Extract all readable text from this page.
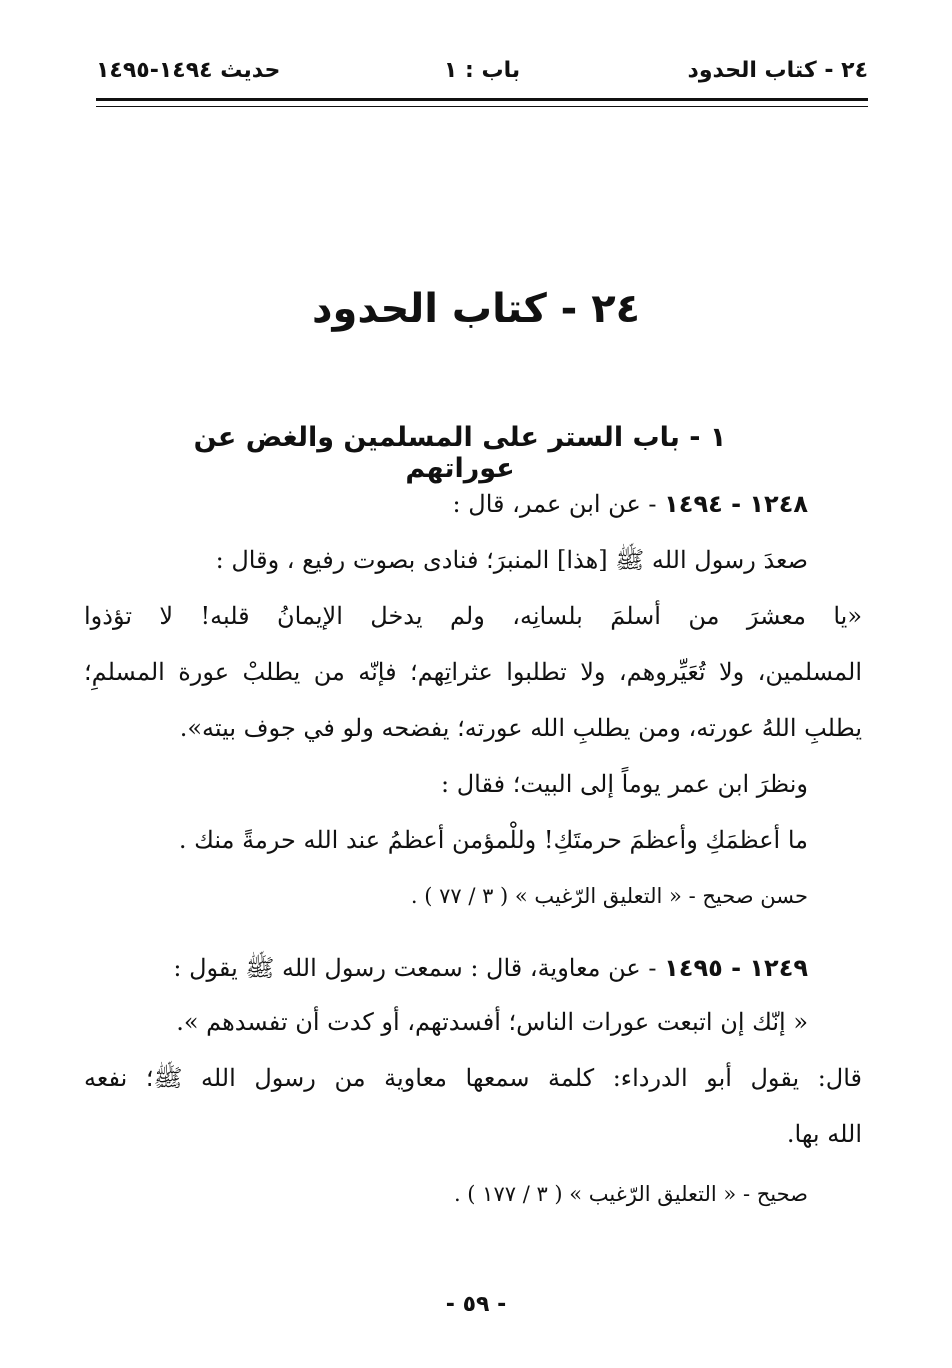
٢٤ - كتاب الحدود
باب : ١
حديث ١٤٩٤-١٤٩٥
٢٤ - كتاب الحدود
١ - باب الستر على المسلمين والغض عن عوراتهم
١٢٤٨ - ١٤٩٤ - عن ابن عمر، قال :
صعدَ رسول الله ﷺ [هذا] المنبرَ؛ فنادى بصوت رفيع ، وقال :
«يا معشرَ من أسلمَ بلسانِه، ولم يدخل الإيمانُ قلبه! لا تؤذوا
المسلمين، ولا تُعَيِّروهم، ولا تطلبوا عثراتِهم؛ فإنّه من يطلبْ عورة المسلمِ؛
يطلبِ اللهُ عورته، ومن يطلبِ الله عورته؛ يفضحه ولو في جوف بيته».
ونظرَ ابن عمر يوماً إلى البيت؛ فقال :
ما أعظمَكِ وأعظمَ حرمتَكِ! وللْمؤمن أعظمُ عند الله حرمةً منك .
حسن صحيح - « التعليق الرّغيب » ( ٣ / ٧٧ ) .
١٢٤٩ - ١٤٩٥ - عن معاوية، قال : سمعت رسول الله ﷺ يقول :
« إنّك إن اتبعت عورات الناس؛ أفسدتهم، أو كدت أن تفسدهم ».
قال: يقول أبو الدرداء: كلمة سمعها معاوية من رسول الله ﷺ؛ نفعه
الله بها.
صحيح - « التعليق الرّغيب » ( ٣ / ١٧٧ ) .
- ٥٩ -
